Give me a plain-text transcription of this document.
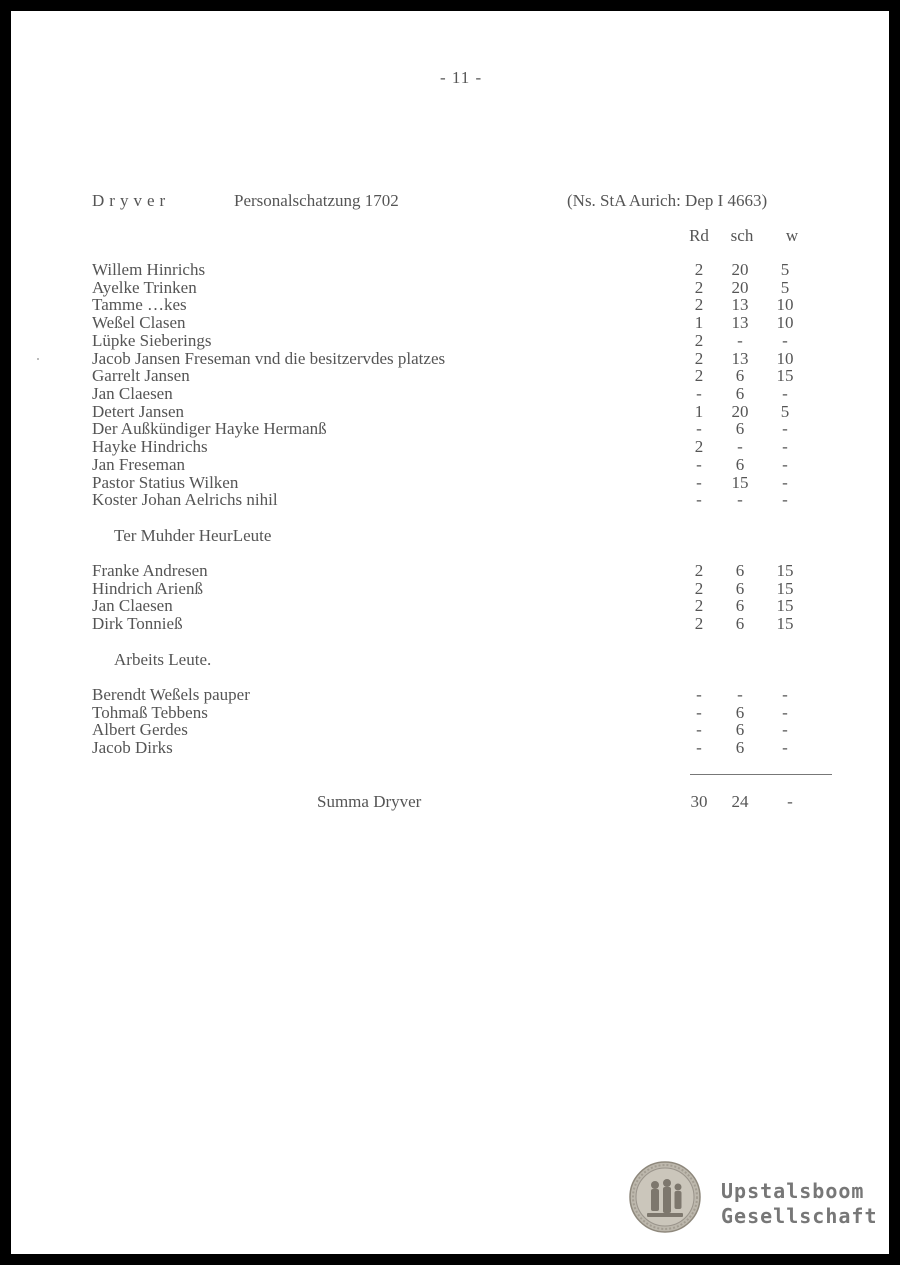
- 11 -
Dryver	Personalschatzung 1702	(Ns. StA Aurich: Dep I 4663)
Rd	sch	w
Willem Hinrichs	2	20	5
Ayelke Trinken	2	20	5
Tamme …kes	2	13	10
Weßel Clasen	1	13	10
Lüpke Sieberings	2	-	-
Jacob Jansen Freseman vnd die besitzervdes platzes	2	13	10
Garrelt Jansen	2	6	15
Jan Claesen	-	6	-
Detert Jansen	1	20	5
Der Außkündiger Hayke Hermanß	-	6	-
Hayke Hindrichs	2	-	-
Jan Freseman	-	6	-
Pastor Statius Wilken	-	15	-
Koster Johan Aelrichs nihil	-	-	-
Ter Muhder HeurLeute
Franke Andresen	2	6	15
Hindrich Arienß	2	6	15
Jan Claesen	2	6	15
Dirk Tonnieß	2	6	15
Arbeits Leute.
Berendt Weßels pauper	-	-	-
Tohmaß Tebbens	-	6	-
Albert Gerdes	-	6	-
Jacob Dirks	-	6	-
Summa Dryver	30	24	-
Upstalsboom
Gesellschaft
